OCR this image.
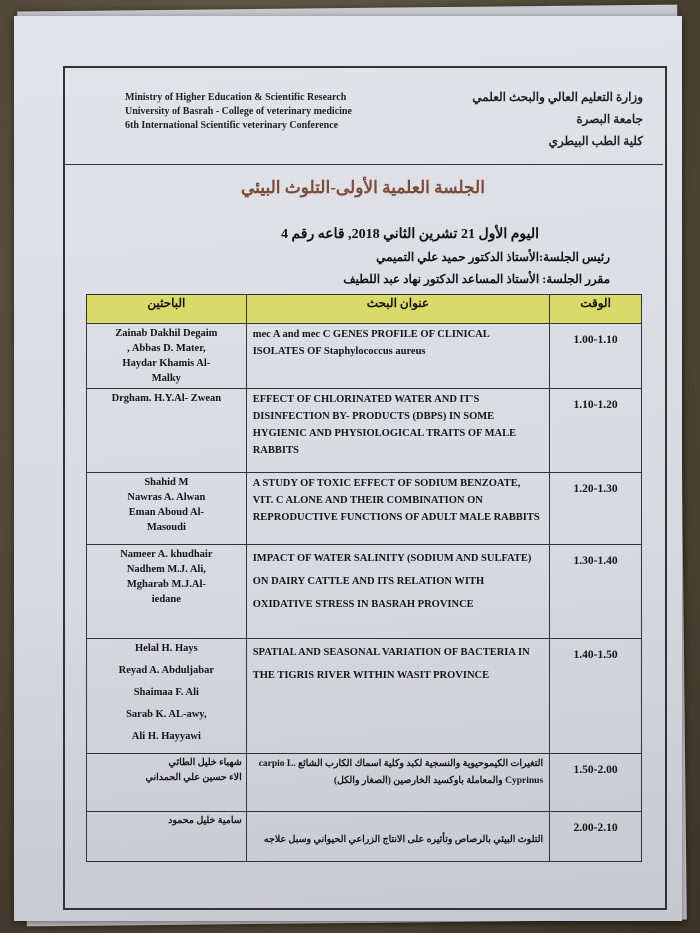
Ministry of Higher Education & Scientific Research
University of Basrah - College of veterinary medicine
6th International Scientific veterinary Conference
وزارة التعليم العالي والبحث العلمي
جامعة البصرة
كلية الطب البيطري
الجلسة العلمية الأولى-التلوث البيئي
اليوم الأول 21 تشرين الثاني 2018, قاعه رقم 4
رئيس الجلسة:الأستاذ الدكتور حميد علي التميمي
مقرر الجلسة: الأستاذ المساعد الدكتور نهاد عبد اللطيف
الباحثين	عنوان البحث	الوقت

Zainab Dakhil Degaim
, Abbas D. Mater,
Haydar Khamis Al-
Malky	mec A and mec C GENES PROFILE OF CLINICAL ISOLATES OF Staphylococcus aureus	1.00-1.10

Drgham. H.Y.Al- Zwean	EFFECT OF CHLORINATED WATER AND IT'S DISINFECTION BY- PRODUCTS (DBPS) IN SOME HYGIENIC AND PHYSIOLOGICAL TRAITS OF MALE RABBITS	1.10-1.20

Shahid M
Nawras A. Alwan
Eman Aboud Al-
Masoudi	A STUDY OF TOXIC EFFECT OF SODIUM BENZOATE, VIT. C ALONE AND THEIR COMBINATION ON REPRODUCTIVE FUNCTIONS OF ADULT MALE RABBITS	1.20-1.30

Nameer A. khudhair
Nadhem M.J. Ali,
Mgharab M.J.Al-
iedane	IMPACT OF WATER SALINITY (SODIUM AND SULFATE) ON DAIRY CATTLE AND ITS RELATION WITH OXIDATIVE STRESS IN BASRAH PROVINCE	1.30-1.40

Helal H. Hays
Reyad A. Abduljabar
Shaimaa F. Ali
Sarab K. AL-awy,
Ali H. Hayyawi	SPATIAL AND SEASONAL VARIATION OF BACTERIA IN THE TIGRIS RIVER WITHIN WASIT PROVINCE	1.40-1.50

شهباء خليل الطائي
الاء حسين علي الحمداني	التغيرات الكيموحيوية والنسجية لكبد وكلية اسماك الكارب الشائع carpio L. Cyprinus والمعاملة باوكسيد الخارصين (الصغار والكل)	1.50-2.00

سامية خليل محمود	التلوث البيئي بالرصاص وتأثيره على الانتاج الزراعي الحيواني وسبل علاجه	2.00-2.10
